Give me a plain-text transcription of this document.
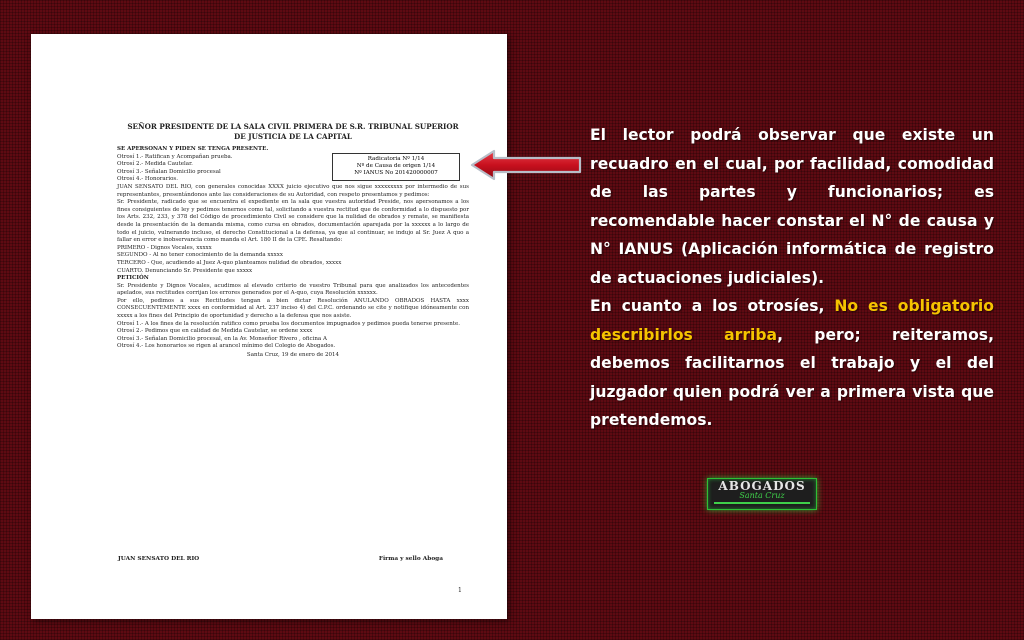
SEÑOR PRESIDENTE DE LA SALA CIVIL PRIMERA DE S.R. TRIBUNAL SUPERIOR
DE JUSTICIA DE LA CAPITAL

SE APERSONAN Y PIDEN SE TENGA PRESENTE.

Otrosí 1.- Ratifican y Acompañan prueba.

Otrosí 2.- Medida Cautelar.

Otrosí 3.- Señalan Domicilio procesal

Otrosí 4.- Honorarios.

JUAN SENSATO DEL RIO, con generales conocidas XXXX juicio ejecutivo que nos sigue xxxxxxxxx por intermedio de sus representantes, presentándonos ante las consideraciones de su Autoridad, con respeto presentamos y pedimos:

Sr. Presidente, radicado que se encuentra el expediente en la sala que vuestra autoridad Preside, nos apersonamos a los fines consiguientes de ley y pedimos tenernos como tal, solicitando a vuestra rectitud que de conformidad a lo dispuesto por los Arts. 232, 233, y 378 del Código de procedimiento Civil se considere que la nulidad de obrados y remate, se manifiesta desde la presentación de la demanda misma, como cursa en obrados, documentación aparejada por la xxxxxx a lo largo de todo el juicio, vulnerando incluso, el derecho Constitucional a la defensa, ya que al continuar, se indujo al Sr. Juez A quo a fallar en error e inobservancia como manda el Art. 180 II de la CPE. Resaltando:

PRIMERO - Dignos Vocales, xxxxx

SEGUNDO - Al no tener conocimiento de la demanda xxxxx

TERCERO - Que, acudiendo al Juez A-quo planteamos nulidad de obrados, xxxxx

CUARTO. Denunciando Sr. Presidente que xxxxx

PETICIÓN

Sr. Presidente y Dignos Vocales, acudimos al elevado criterio de vuestro Tribunal para que analizados los antecedentes apelados, sus rectitudes corrijan los errores generados por el A-quo, cuya Resolución xxxxxx.

Por ello, pedimos a sus Rectitudes tengan a bien dictar Resolución ANULANDO OBRADOS HASTA xxxx CONSECUENTEMENTE xxxx en conformidad al Art. 237 inciso 4) del C.P.C. ordenando se cite y notifique idóneamente con xxxxx a los fines del Principio de oportunidad y derecho a la defensa que nos asiste.

Otrosí 1.- A los fines de la resolución ratifico como prueba los documentos impugnados y pedimos pueda tenerse presente.

Otrosí 2.- Pedimos que en calidad de Medida Cautelar, se ordene xxxx

Otrosí 3.- Señalan Domicilio procesal, en la Av. Monseñor Rivero , oficina A

Otrosí 4.- Los honorarios se rigen al arancel mínimo del Colegio de Abogados.

Santa Cruz, 19 de enero de 2014

JUAN SENSATO DEL RIO	Firma y sello Aboga
1
Radicatoria Nº 1/14
Nº de Causa de origen 1/14
Nº IANUS No 201420000007

El lector podrá observar que existe un recuadro en el cual, por facilidad, comodidad de las partes y funcionarios; es recomendable hacer constar el N° de causa y N° IANUS (Aplicación informática de registro de actuaciones judiciales).

En cuanto a los otrosíes, No es obligatorio describirlos arriba, pero; reiteramos, debemos facilitarnos el trabajo y el del juzgador quien podrá ver a primera vista que pretendemos.

ABOGADOS
Santa Cruz
